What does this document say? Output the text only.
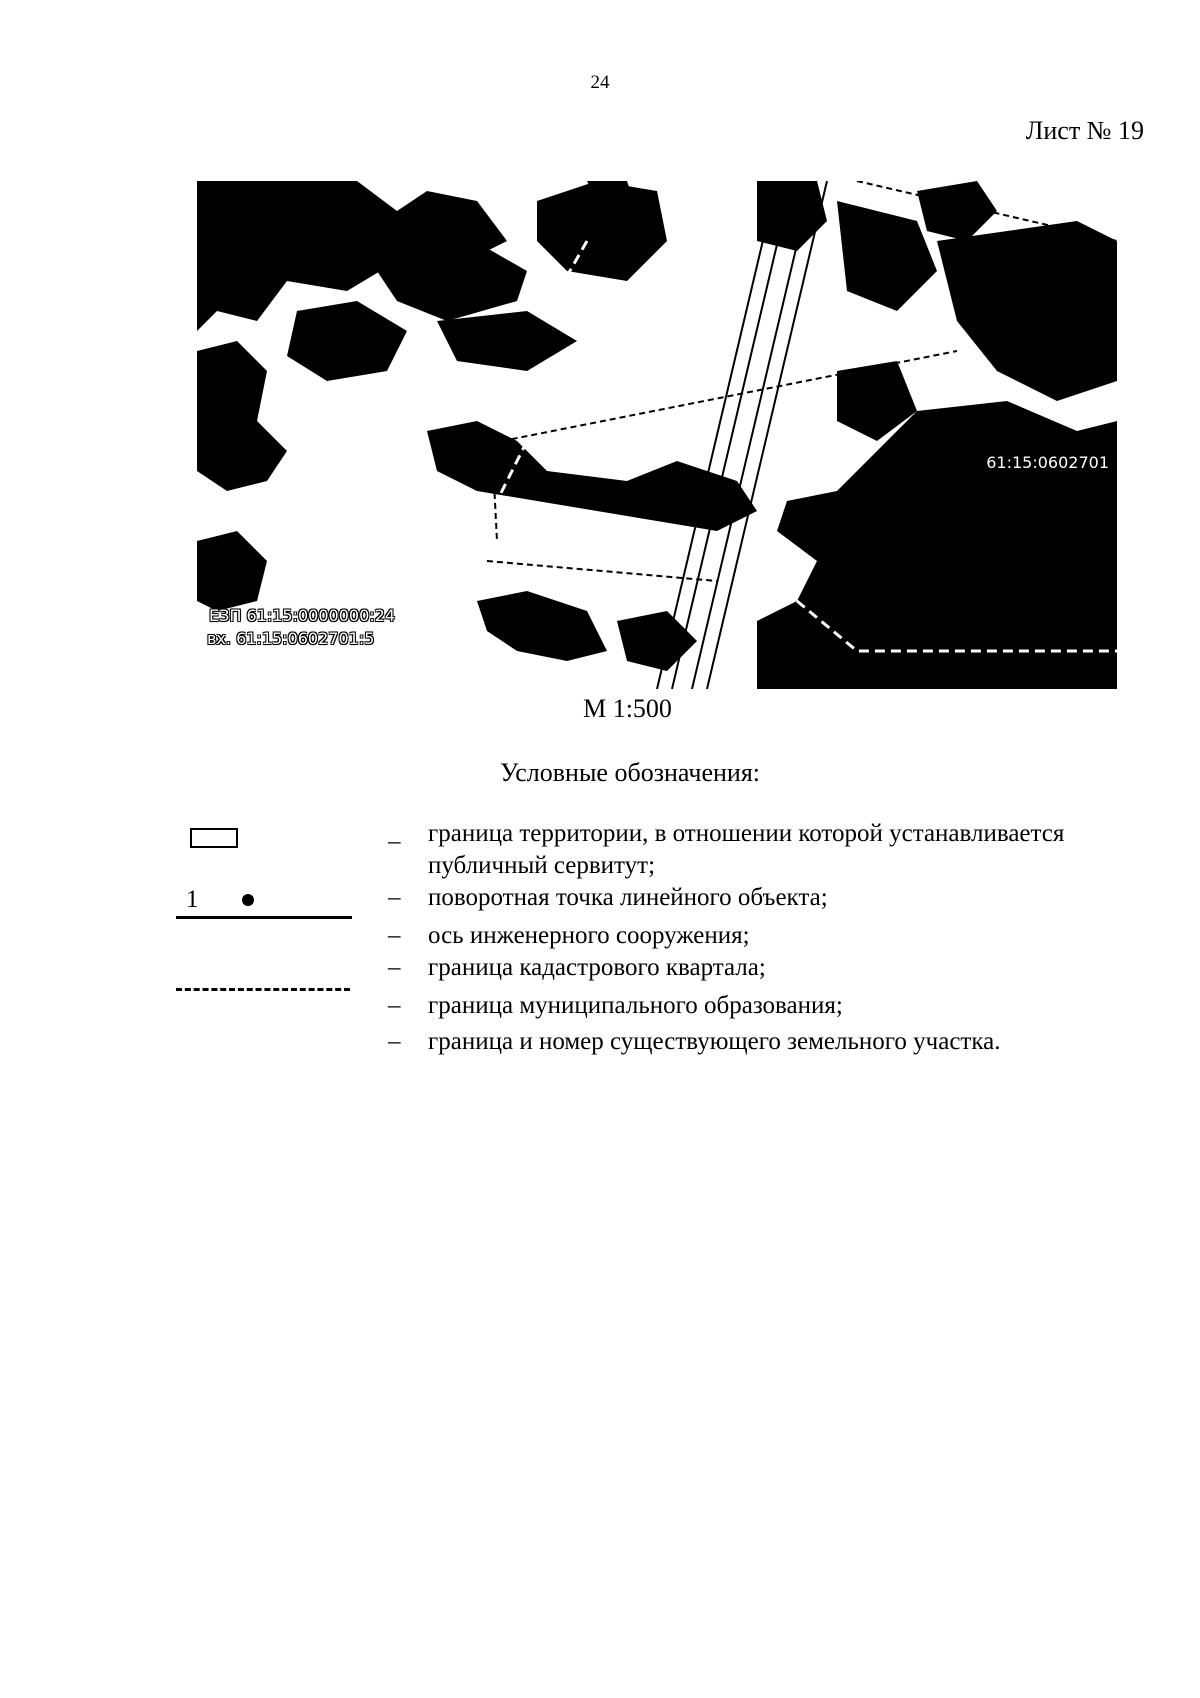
24
Лист № 19
61:15:0602701
ЕЗП 61:15:0000000:24
вх. 61:15:0602701:5
М 1:500
Условные обозначения:
– граница территории, в отношении которой устанавливается публичный сервитут;
1	– поворотная точка линейного объекта;
– ось инженерного сооружения;
– граница кадастрового квартала;
– граница муниципального образования;
– граница и номер существующего земельного участка.
